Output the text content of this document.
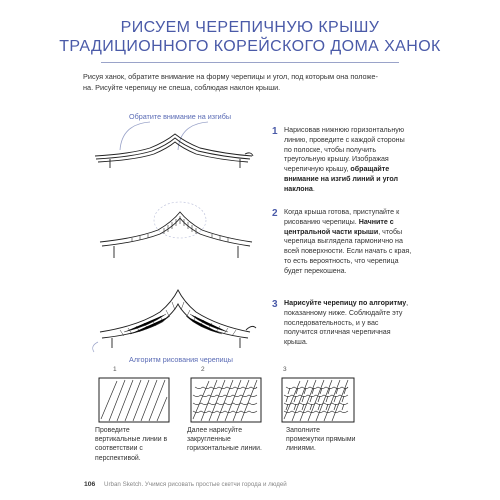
РИСУЕМ ЧЕРЕПИЧНУЮ КРЫШУ
ТРАДИЦИОННОГО КОРЕЙСКОГО ДОМА ХАНОК
Рисуя ханок, обратите внимание на форму черепицы и угол, под которым она положе-
на. Рисуйте черепицу не спеша, соблюдая наклон крыши.
Обратите внимание на изгибы
Алгоритм рисования черепицы
1 Нарисовав нижнюю горизонтальную линию, проведите с каждой стороны по полоске, чтобы получить треугольную крышу. Изображая черепичную крышу, обращайте внимание на изгиб линий и угол наклона.
2 Когда крыша готова, приступайте к рисованию черепицы. Начните с центральной части крыши, чтобы черепица выглядела гармонично на всей поверхности. Если начать с края, то есть вероятность, что черепица будет перекошена.
3 Нарисуйте черепицу по алгоритму, показанному ниже. Соблюдайте эту последовательность, и у вас получится отличная черепичная крыша.
1
Проведите вертикальные линии в соответствии с перспективой.
2
Далее нарисуйте закругленные горизонтальные линии.
3
Заполните промежутки прямыми линиями.
106 Urban Sketch. Учимся рисовать простые скетчи города и людей
